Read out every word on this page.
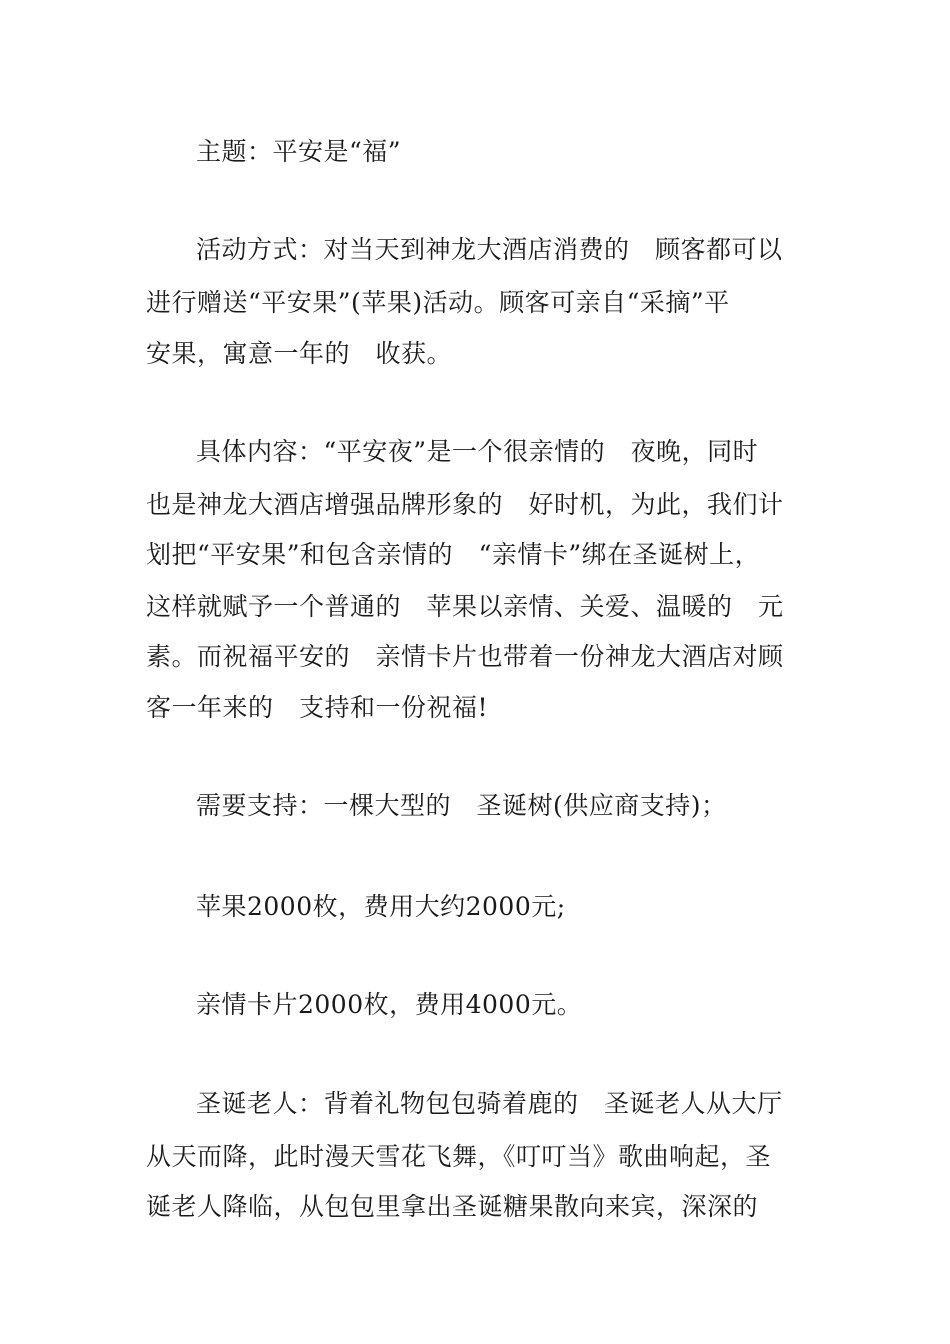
主题：平安是“福”
活动方式：对当天到神龙大酒店消费的　顾客都可以
进行赠送“平安果”(苹果)活动。顾客可亲自“采摘”平
安果，寓意一年的　收获。
具体内容：“平安夜”是一个很亲情的　夜晚，同时
也是神龙大酒店增强品牌形象的　好时机，为此，我们计
划把“平安果”和包含亲情的　“亲情卡”绑在圣诞树上，
这样就赋予一个普通的　苹果以亲情、关爱、温暖的　元
素。而祝福平安的　亲情卡片也带着一份神龙大酒店对顾
客一年来的　支持和一份祝福!
需要支持：一棵大型的　圣诞树(供应商支持)；
苹果2000枚，费用大约2000元;
亲情卡片2000枚，费用4000元。
圣诞老人：背着礼物包包骑着鹿的　圣诞老人从大厅
从天而降，此时漫天雪花飞舞，《叮叮当》歌曲响起，圣
诞老人降临，从包包里拿出圣诞糖果散向来宾，深深的
